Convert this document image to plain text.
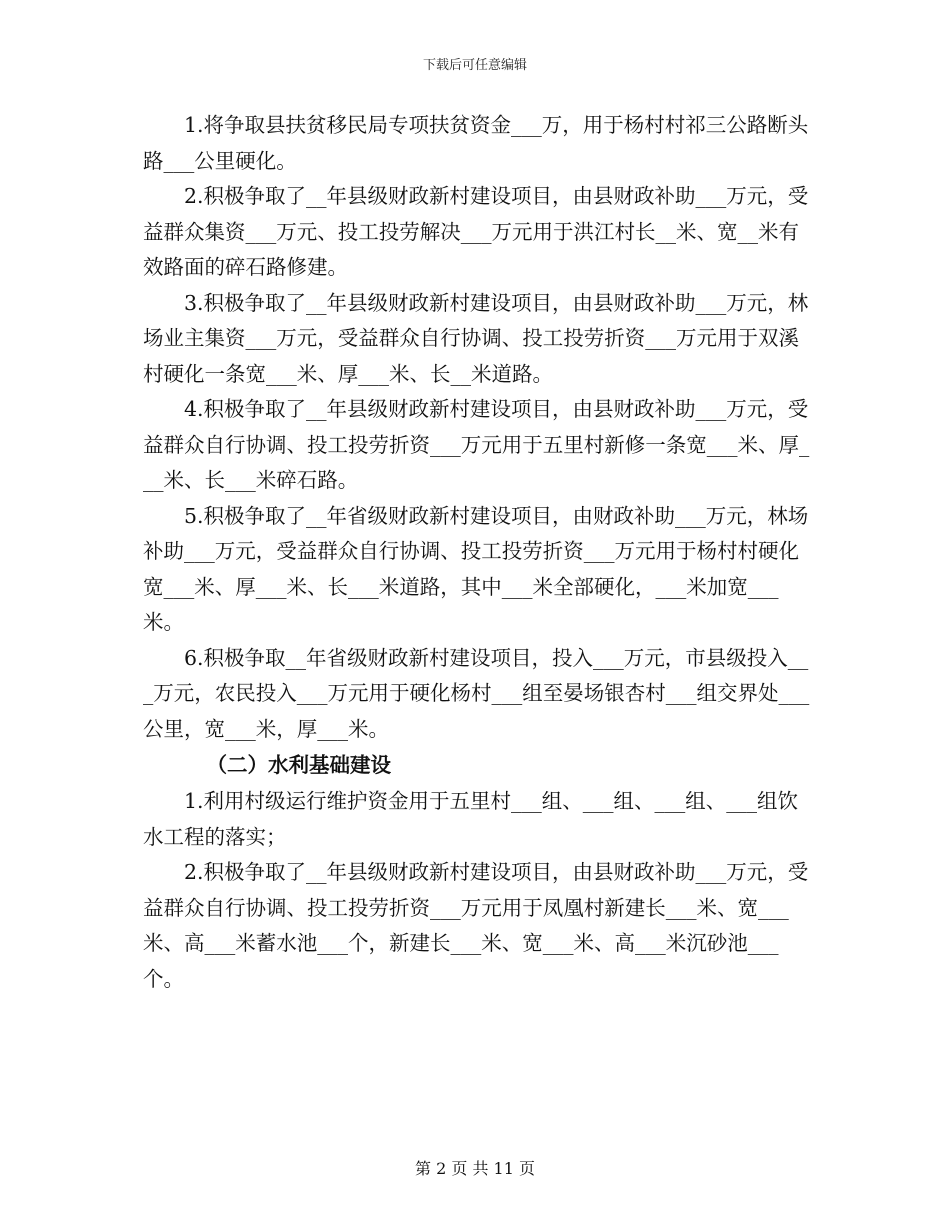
下载后可任意编辑

1.将争取县扶贫移民局专项扶贫资金___万，用于杨村村祁三公路断头路___公里硬化。

2.积极争取了__年县级财政新村建设项目，由县财政补助___万元，受益群众集资___万元、投工投劳解决___万元用于洪江村长__米、宽__米有效路面的碎石路修建。

3.积极争取了__年县级财政新村建设项目，由县财政补助___万元，林场业主集资___万元，受益群众自行协调、投工投劳折资___万元用于双溪村硬化一条宽___米、厚___米、长__米道路。

4.积极争取了__年县级财政新村建设项目，由县财政补助___万元，受益群众自行协调、投工投劳折资___万元用于五里村新修一条宽___米、厚___米、长___米碎石路。

5.积极争取了__年省级财政新村建设项目，由财政补助___万元，林场补助___万元，受益群众自行协调、投工投劳折资___万元用于杨村村硬化宽___米、厚___米、长___米道路，其中___米全部硬化，___米加宽___米。

6.积极争取__年省级财政新村建设项目，投入___万元，市县级投入___万元，农民投入___万元用于硬化杨村___组至晏场银杏村___组交界处___公里，宽___米，厚___米。

（二）水利基础建设

1.利用村级运行维护资金用于五里村___组、___组、___组、___组饮水工程的落实；

2.积极争取了__年县级财政新村建设项目，由县财政补助___万元，受益群众自行协调、投工投劳折资___万元用于凤凰村新建长___米、宽___米、高___米蓄水池___个，新建长___米、宽___米、高___米沉砂池___个。

第 2 页 共 11 页
